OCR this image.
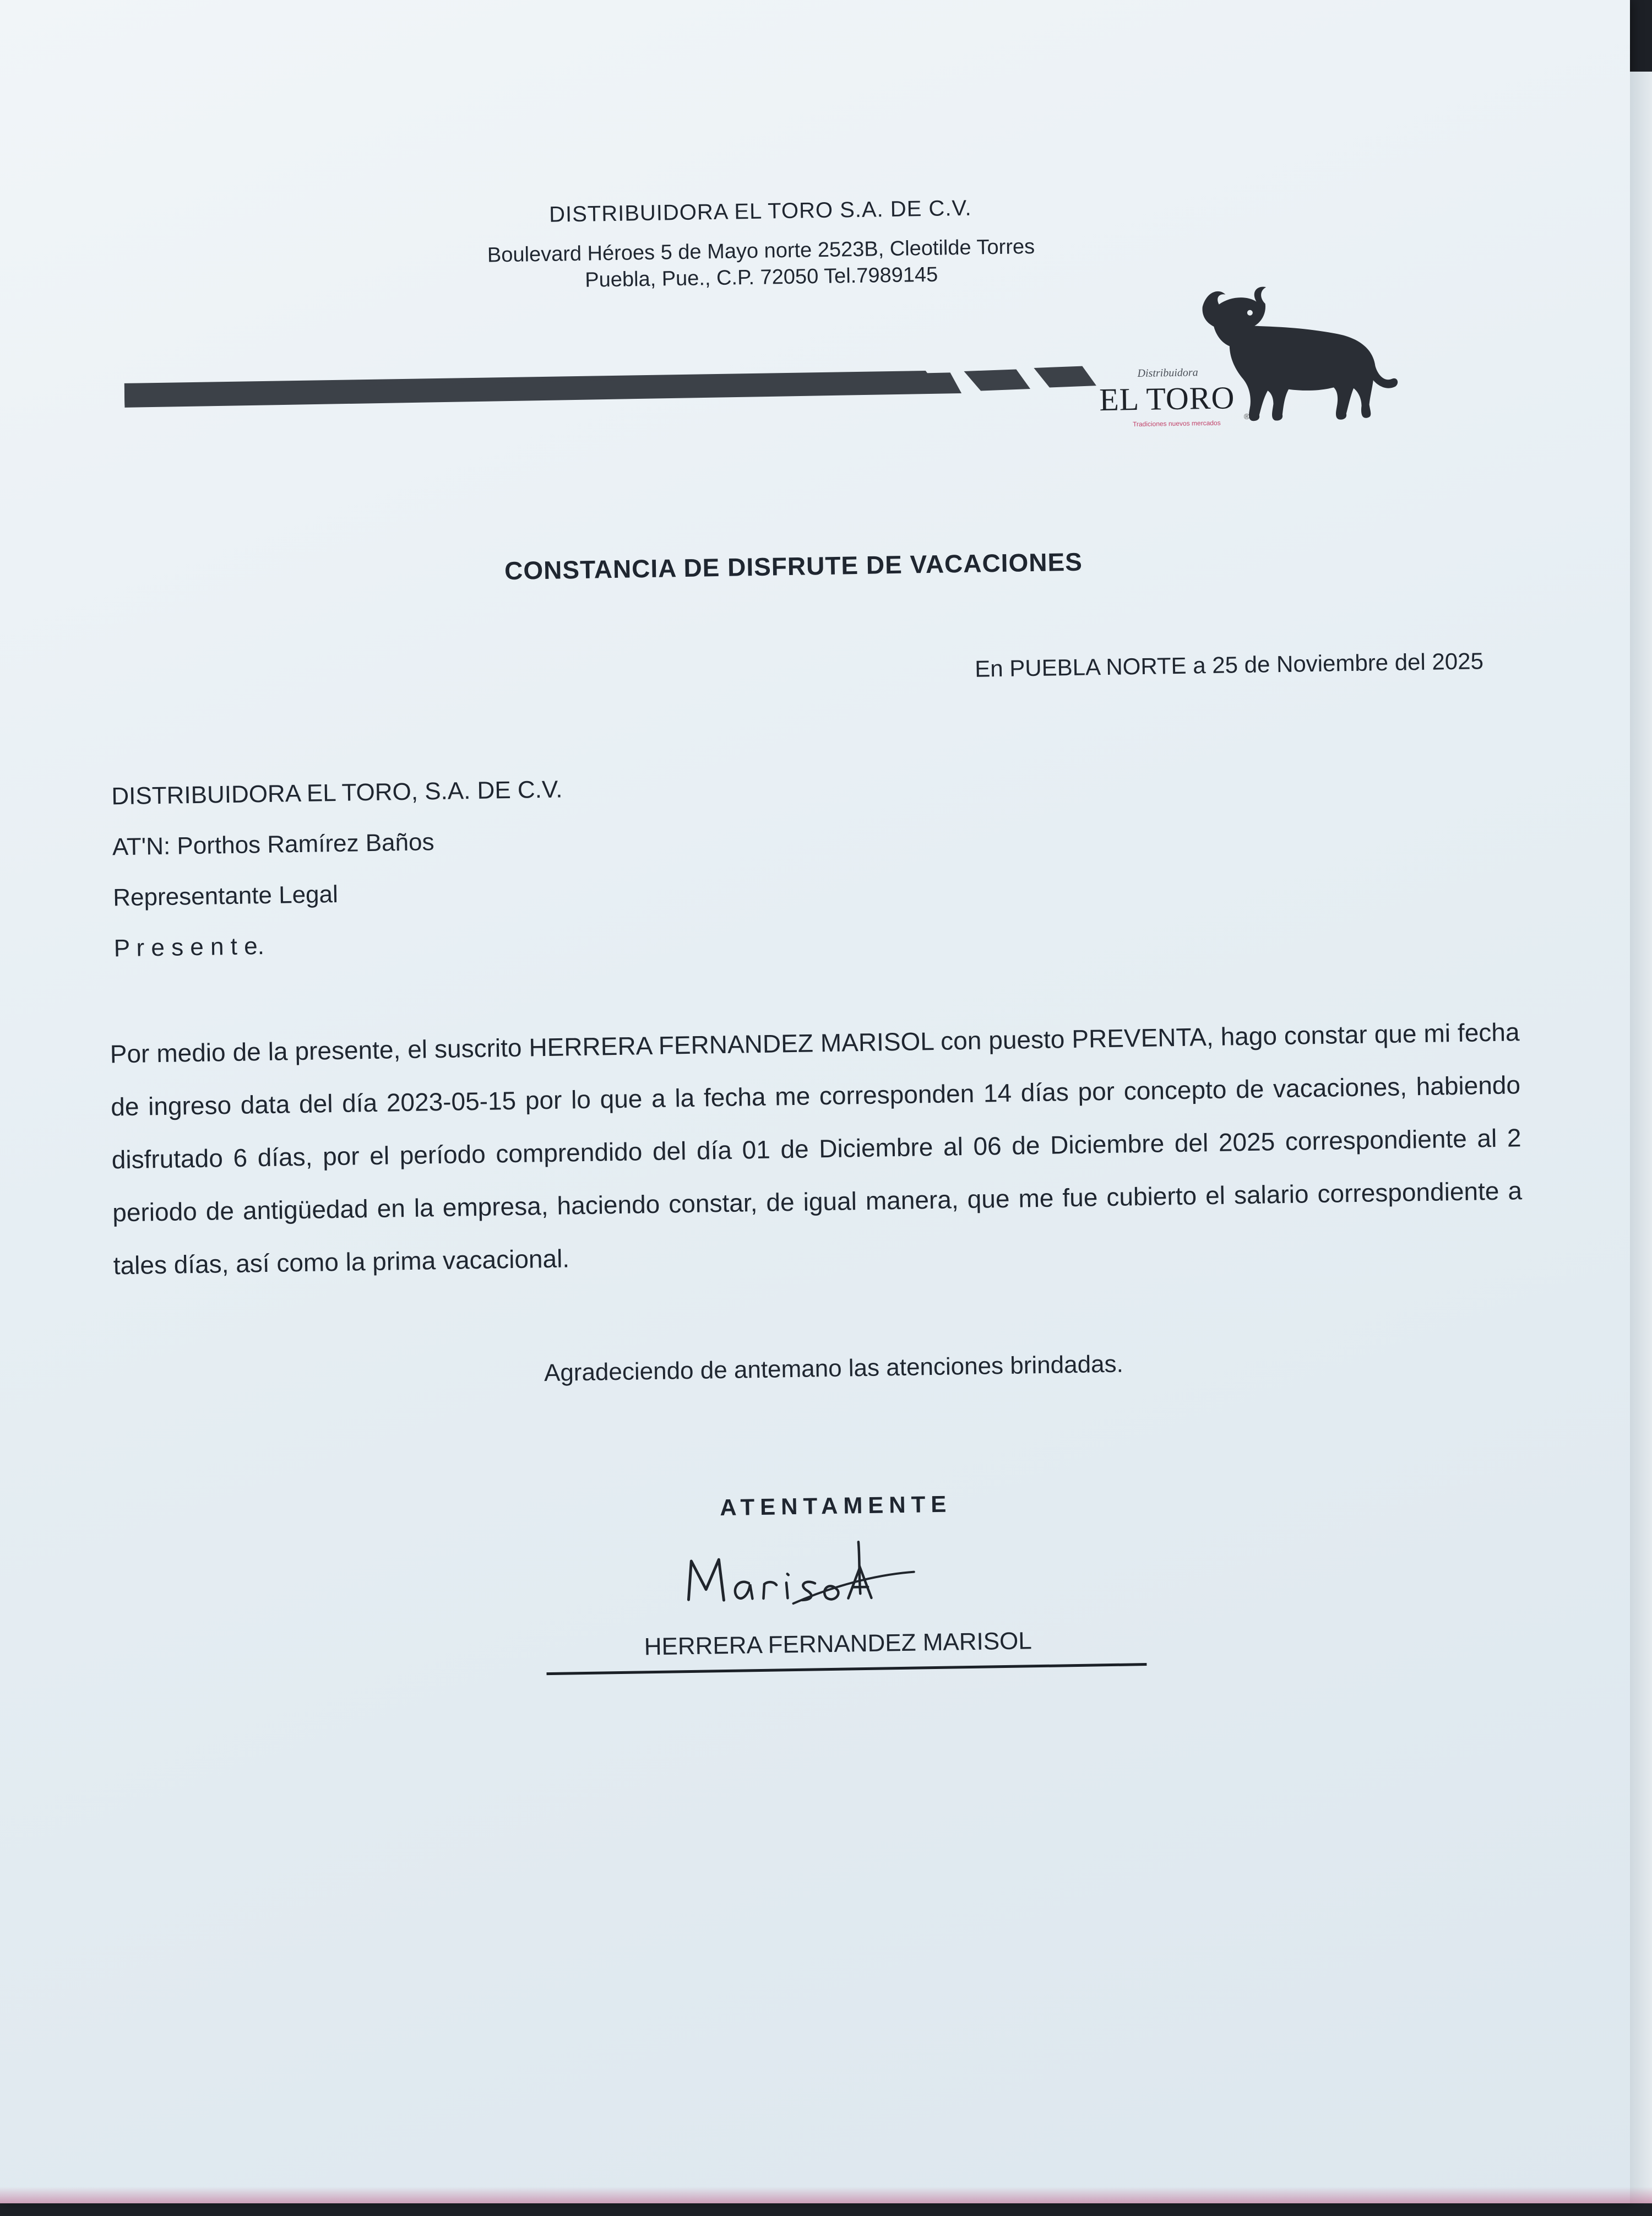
DISTRIBUIDORA EL TORO S.A. DE C.V.
Boulevard Héroes 5 de Mayo norte 2523B, Cleotilde Torres
Puebla, Pue., C.P. 72050 Tel.7989145
Distribuidora
EL TORO
Tradiciones nuevos mercados
®
CONSTANCIA DE DISFRUTE DE VACACIONES
En PUEBLA NORTE a 25 de Noviembre del 2025
DISTRIBUIDORA EL TORO, S.A. DE C.V.
AT'N: Porthos Ramírez Baños
Representante Legal
P r e s e n t e.
Por medio de la presente, el suscrito HERRERA FERNANDEZ MARISOL con puesto PREVENTA, hago constar que mi fecha de ingreso data del día 2023-05-15 por lo que a la fecha me corresponden 14 días por concepto de vacaciones, habiendo disfrutado 6 días, por el período comprendido del día 01 de Diciembre al 06 de Diciembre del 2025 correspondiente al 2 periodo de antigüedad en la empresa, haciendo constar, de igual manera, que me fue cubierto el salario correspondiente a tales días, así como la prima vacacional.
Agradeciendo de antemano las atenciones brindadas.
ATENTAMENTE
HERRERA FERNANDEZ MARISOL
